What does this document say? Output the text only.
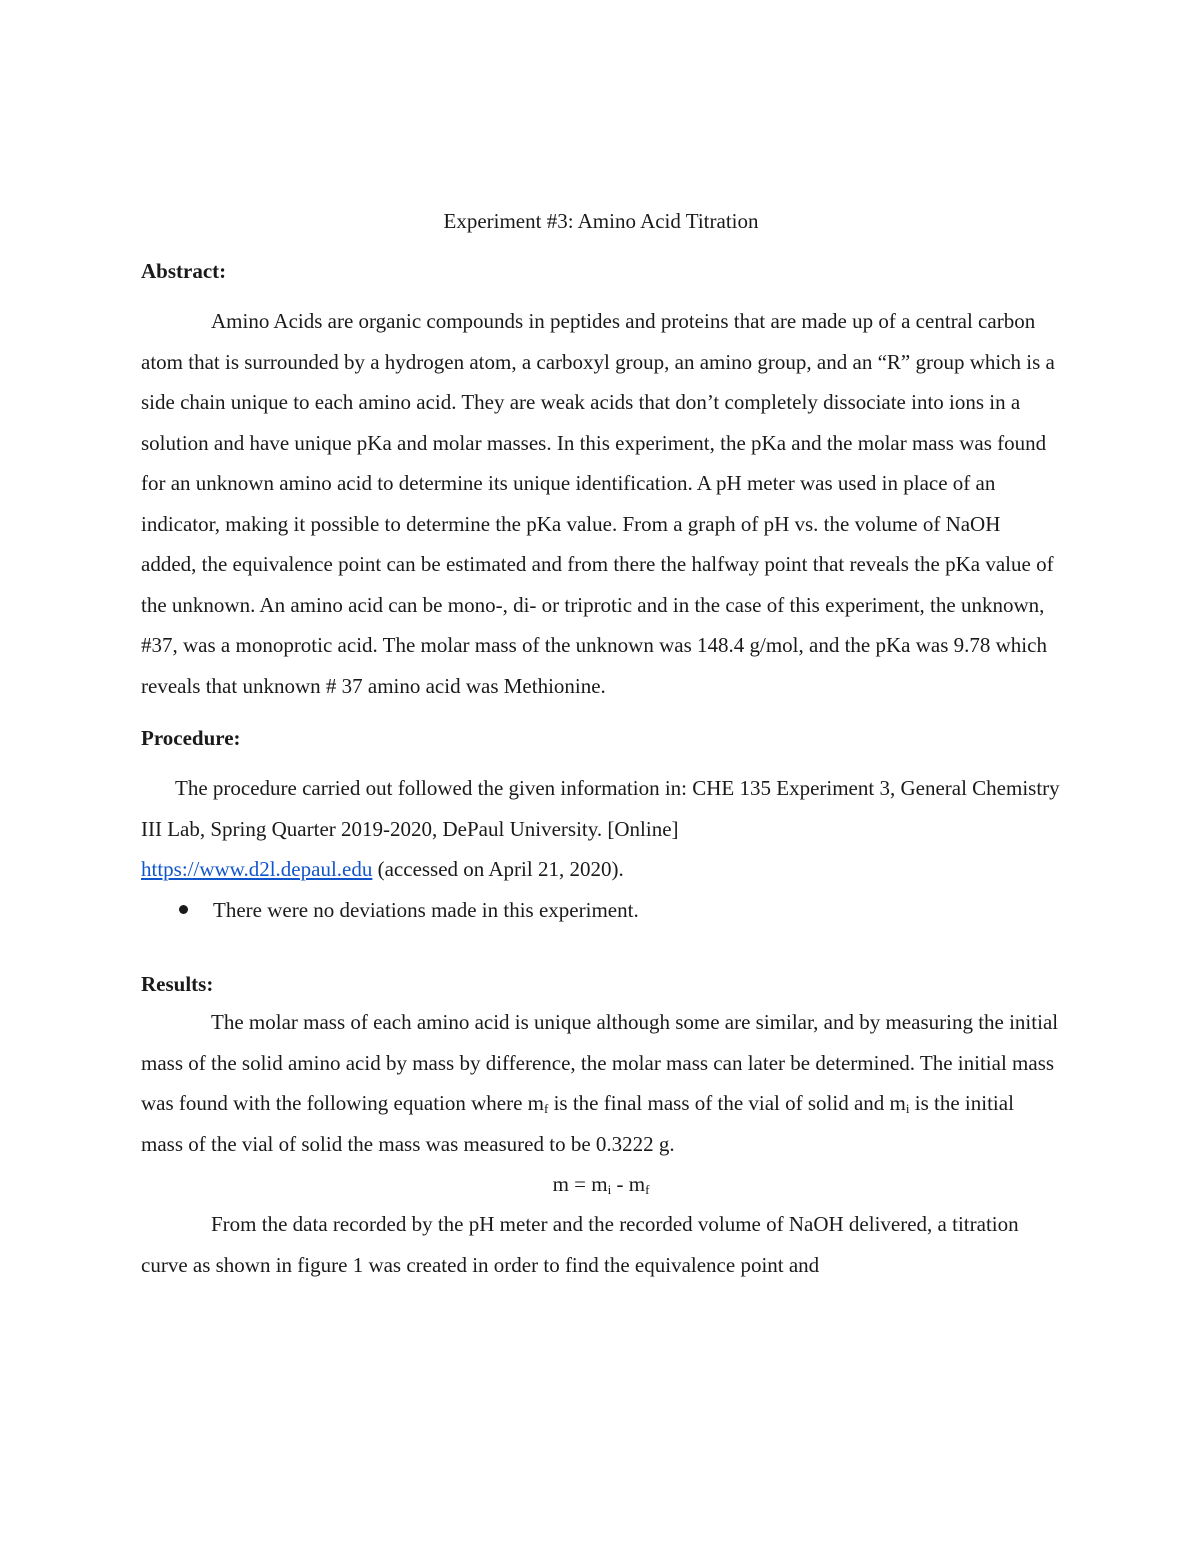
Experiment #3: Amino Acid Titration

Abstract:

Amino Acids are organic compounds in peptides and proteins that are made up of a central carbon atom that is surrounded by a hydrogen atom, a carboxyl group, an amino group, and an “R” group which is a side chain unique to each amino acid. They are weak acids that don’t completely dissociate into ions in a solution and have unique pKa and molar masses. In this experiment, the pKa and the molar mass was found for an unknown amino acid to determine its unique identification. A pH meter was used in place of an indicator, making it possible to determine the pKa value. From a graph of pH vs. the volume of NaOH added, the equivalence point can be estimated and from there the halfway point that reveals the pKa value of the unknown. An amino acid can be mono-, di- or triprotic and in the case of this experiment, the unknown, #37, was a monoprotic acid. The molar mass of the unknown was 148.4 g/mol, and the pKa was 9.78 which reveals that unknown # 37 amino acid was Methionine.

Procedure:

The procedure carried out followed the given information in: CHE 135 Experiment 3, General Chemistry III Lab, Spring Quarter 2019-2020, DePaul University. [Online]
https://www.d2l.depaul.edu (accessed on April 21, 2020).

There were no deviations made in this experiment.

Results:

The molar mass of each amino acid is unique although some are similar, and by measuring the initial mass of the solid amino acid by mass by difference, the molar mass can later be determined. The initial mass was found with the following equation where $m_f$ is the final mass of the vial of solid and $m_i$ is the initial mass of the vial of solid the mass was measured to be 0.3222 g.

$m = m_i - m_f$

From the data recorded by the pH meter and the recorded volume of NaOH delivered, a titration curve as shown in figure 1 was created in order to find the equivalence point and
